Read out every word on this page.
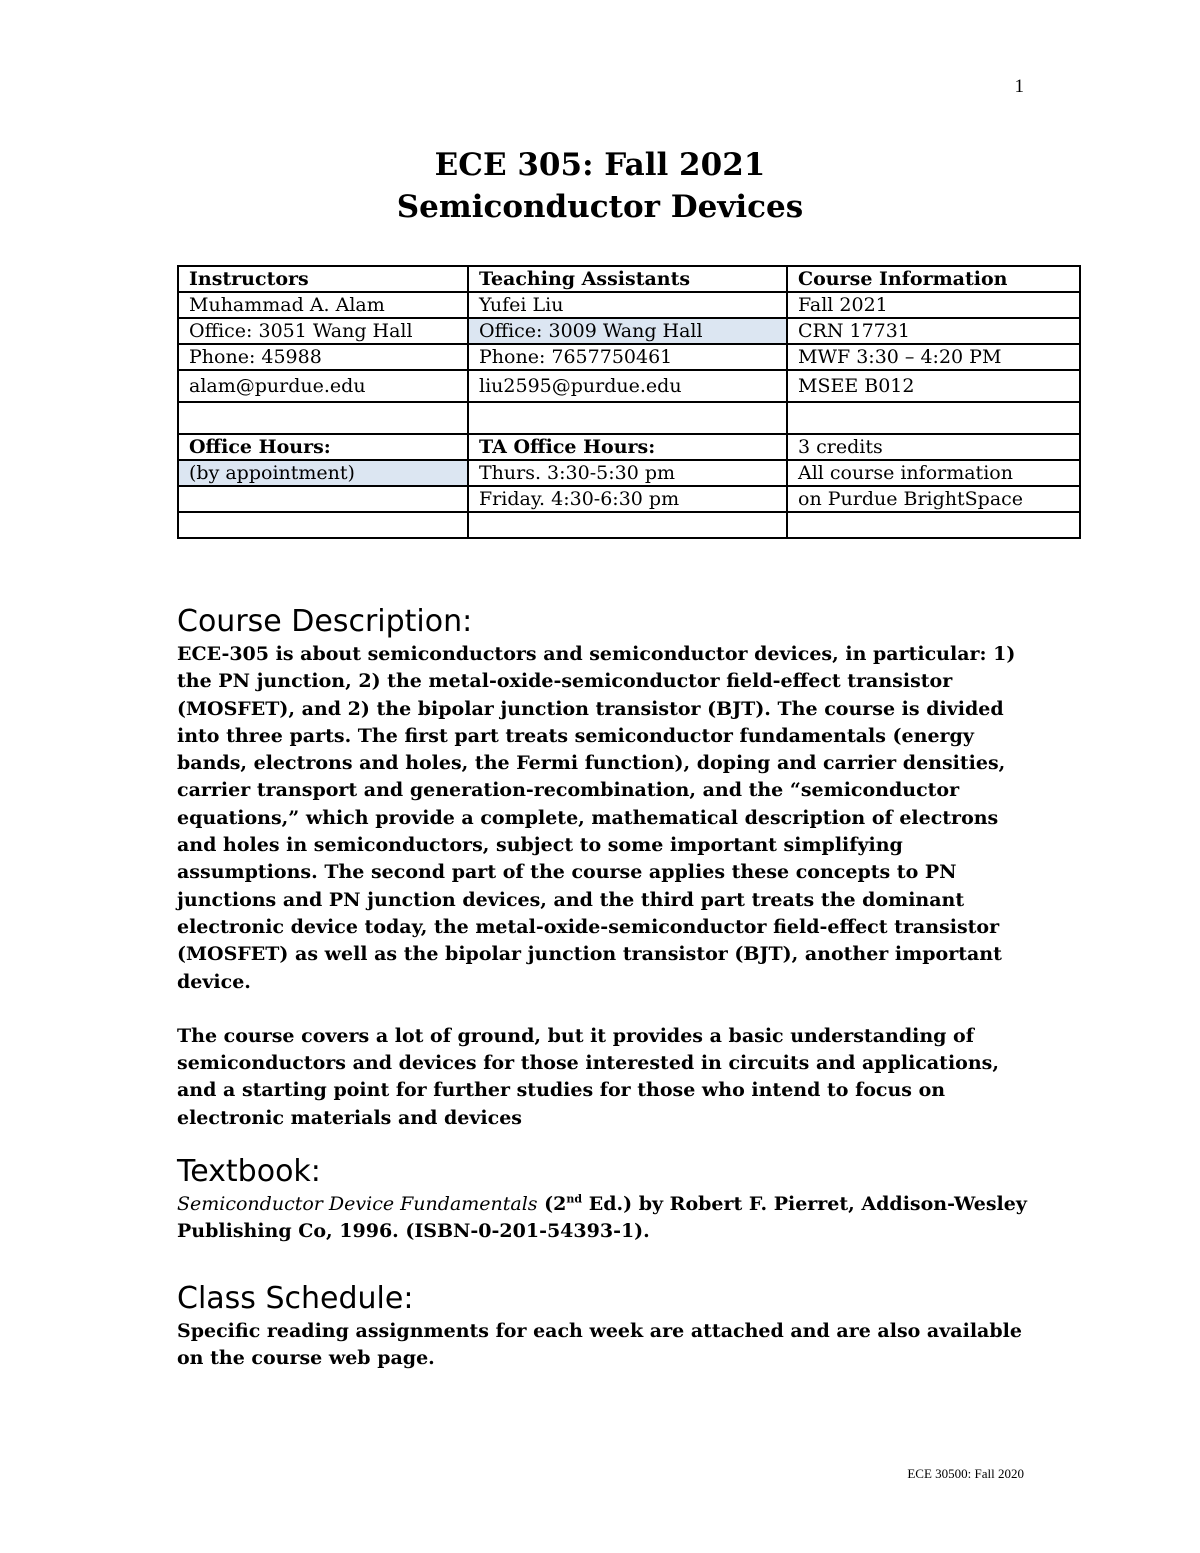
1
ECE 305: Fall 2021
Semiconductor Devices
Instructors	Teaching Assistants	Course Information
Muhammad A. Alam	Yufei Liu	Fall 2021
Office: 3051 Wang Hall	Office: 3009 Wang Hall	CRN 17731
Phone: 45988	Phone: 7657750461	MWF 3:30 – 4:20 PM
alam@purdue.edu	liu2595@purdue.edu	MSEE B012

Office Hours:	TA Office Hours:	3 credits
(by appointment)	Thurs. 3:30-5:30 pm	All course information
	Friday. 4:30-6:30 pm	on Purdue BrightSpace

Course Description:

ECE-305 is about semiconductors and semiconductor devices, in particular: 1) the PN junction, 2) the metal-oxide-semiconductor field-effect transistor (MOSFET), and 2) the bipolar junction transistor (BJT). The course is divided into three parts. The first part treats semiconductor fundamentals (energy bands, electrons and holes, the Fermi function), doping and carrier densities, carrier transport and generation-recombination, and the “semiconductor equations,” which provide a complete, mathematical description of electrons and holes in semiconductors, subject to some important simplifying assumptions. The second part of the course applies these concepts to PN junctions and PN junction devices, and the third part treats the dominant electronic device today, the metal-oxide-semiconductor field-effect transistor (MOSFET) as well as the bipolar junction transistor (BJT), another important device.

The course covers a lot of ground, but it provides a basic understanding of semiconductors and devices for those interested in circuits and applications, and a starting point for further studies for those who intend to focus on electronic materials and devices

Textbook:

Semiconductor Device Fundamentals (2nd Ed.) by Robert F. Pierret, Addison-Wesley Publishing Co, 1996. (ISBN-0-201-54393-1).

Class Schedule:

Specific reading assignments for each week are attached and are also available on the course web page.

ECE 30500: Fall 2020
